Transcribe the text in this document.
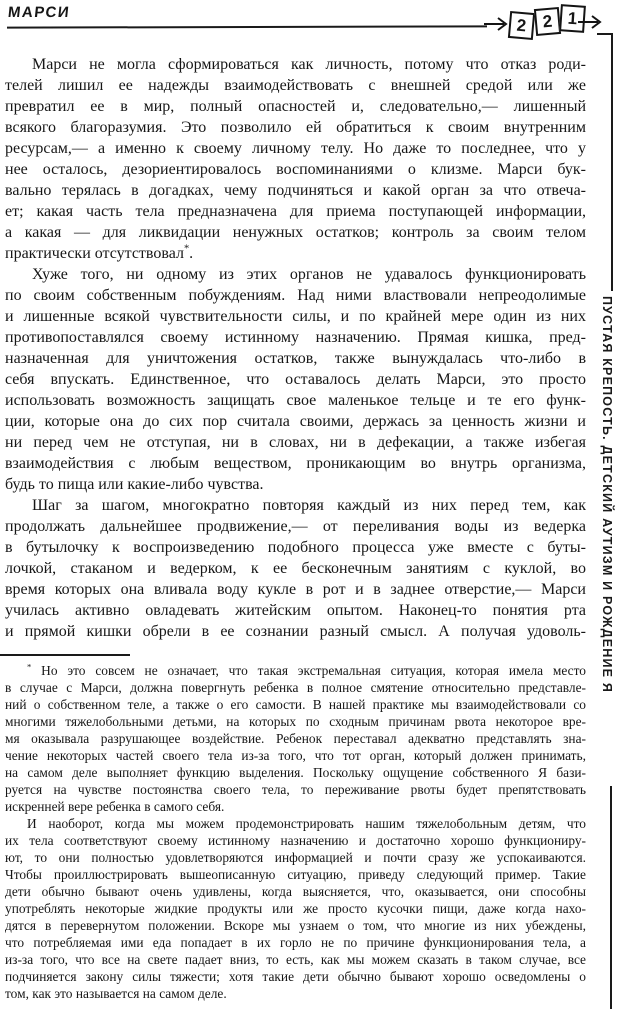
МАРСИ
2 2 1
ПУСТАЯ КРЕПОСТЬ. ДЕТСКИЙ АУТИЗМ И РОЖДЕНИЕ Я
Марси не могла сформироваться как личность, потому что отказ роди-
телей лишил ее надежды взаимодействовать с внешней средой или же
превратил ее в мир, полный опасностей и, следовательно,— лишенный
всякого благоразумия. Это позволило ей обратиться к своим внутренним
ресурсам,— а именно к своему личному телу. Но даже то последнее, что у
нее осталось, дезориентировалось воспоминаниями о клизме. Марси бук-
вально терялась в догадках, чему подчиняться и какой орган за что отвеча-
ет; какая часть тела предназначена для приема поступающей информации,
а какая — для ликвидации ненужных остатков; контроль за своим телом
практически отсутствовал*.
Хуже того, ни одному из этих органов не удавалось функционировать
по своим собственным побуждениям. Над ними властвовали непреодолимые
и лишенные всякой чувствительности силы, и по крайней мере один из них
противопоставлялся своему истинному назначению. Прямая кишка, пред-
назначенная для уничтожения остатков, также вынуждалась что-либо в
себя впускать. Единственное, что оставалось делать Марси, это просто
использовать возможность защищать свое маленькое тельце и те его функ-
ции, которые она до сих пор считала своими, держась за ценность жизни и
ни перед чем не отступая, ни в словах, ни в дефекации, а также избегая
взаимодействия с любым веществом, проникающим во внутрь организма,
будь то пища или какие-либо чувства.
Шаг за шагом, многократно повторяя каждый из них перед тем, как
продолжать дальнейшее продвижение,— от переливания воды из ведерка
в бутылочку к воспроизведению подобного процесса уже вместе с буты-
лочкой, стаканом и ведерком, к ее бесконечным занятиям с куклой, во
время которых она вливала воду кукле в рот и в заднее отверстие,— Марси
училась активно овладевать житейским опытом. Наконец-то понятия рта
и прямой кишки обрели в ее сознании разный смысл. А получая удоволь-
* Но это совсем не означает, что такая экстремальная ситуация, которая имела место
в случае с Марси, должна повергнуть ребенка в полное смятение относительно представле-
ний о собственном теле, а также о его самости. В нашей практике мы взаимодействовали со
многими тяжелобольными детьми, на которых по сходным причинам рвота некоторое вре-
мя оказывала разрушающее воздействие. Ребенок переставал адекватно представлять зна-
чение некоторых частей своего тела из-за того, что тот орган, который должен принимать,
на самом деле выполняет функцию выделения. Поскольку ощущение собственного Я бази-
руется на чувстве постоянства своего тела, то переживание рвоты будет препятствовать
искренней вере ребенка в самого себя.
И наоборот, когда мы можем продемонстрировать нашим тяжелобольным детям, что
их тела соответствуют своему истинному назначению и достаточно хорошо функциониру-
ют, то они полностью удовлетворяются информацией и почти сразу же успокаиваются.
Чтобы проиллюстрировать вышеописанную ситуацию, приведу следующий пример. Такие
дети обычно бывают очень удивлены, когда выясняется, что, оказывается, они способны
употреблять некоторые жидкие продукты или же просто кусочки пищи, даже когда нахо-
дятся в перевернутом положении. Вскоре мы узнаем о том, что многие из них убеждены,
что потребляемая ими еда попадает в их горло не по причине функционирования тела, а
из-за того, что все на свете падает вниз, то есть, как мы можем сказать в таком случае, все
подчиняется закону силы тяжести; хотя такие дети обычно бывают хорошо осведомлены о
том, как это называется на самом деле.
